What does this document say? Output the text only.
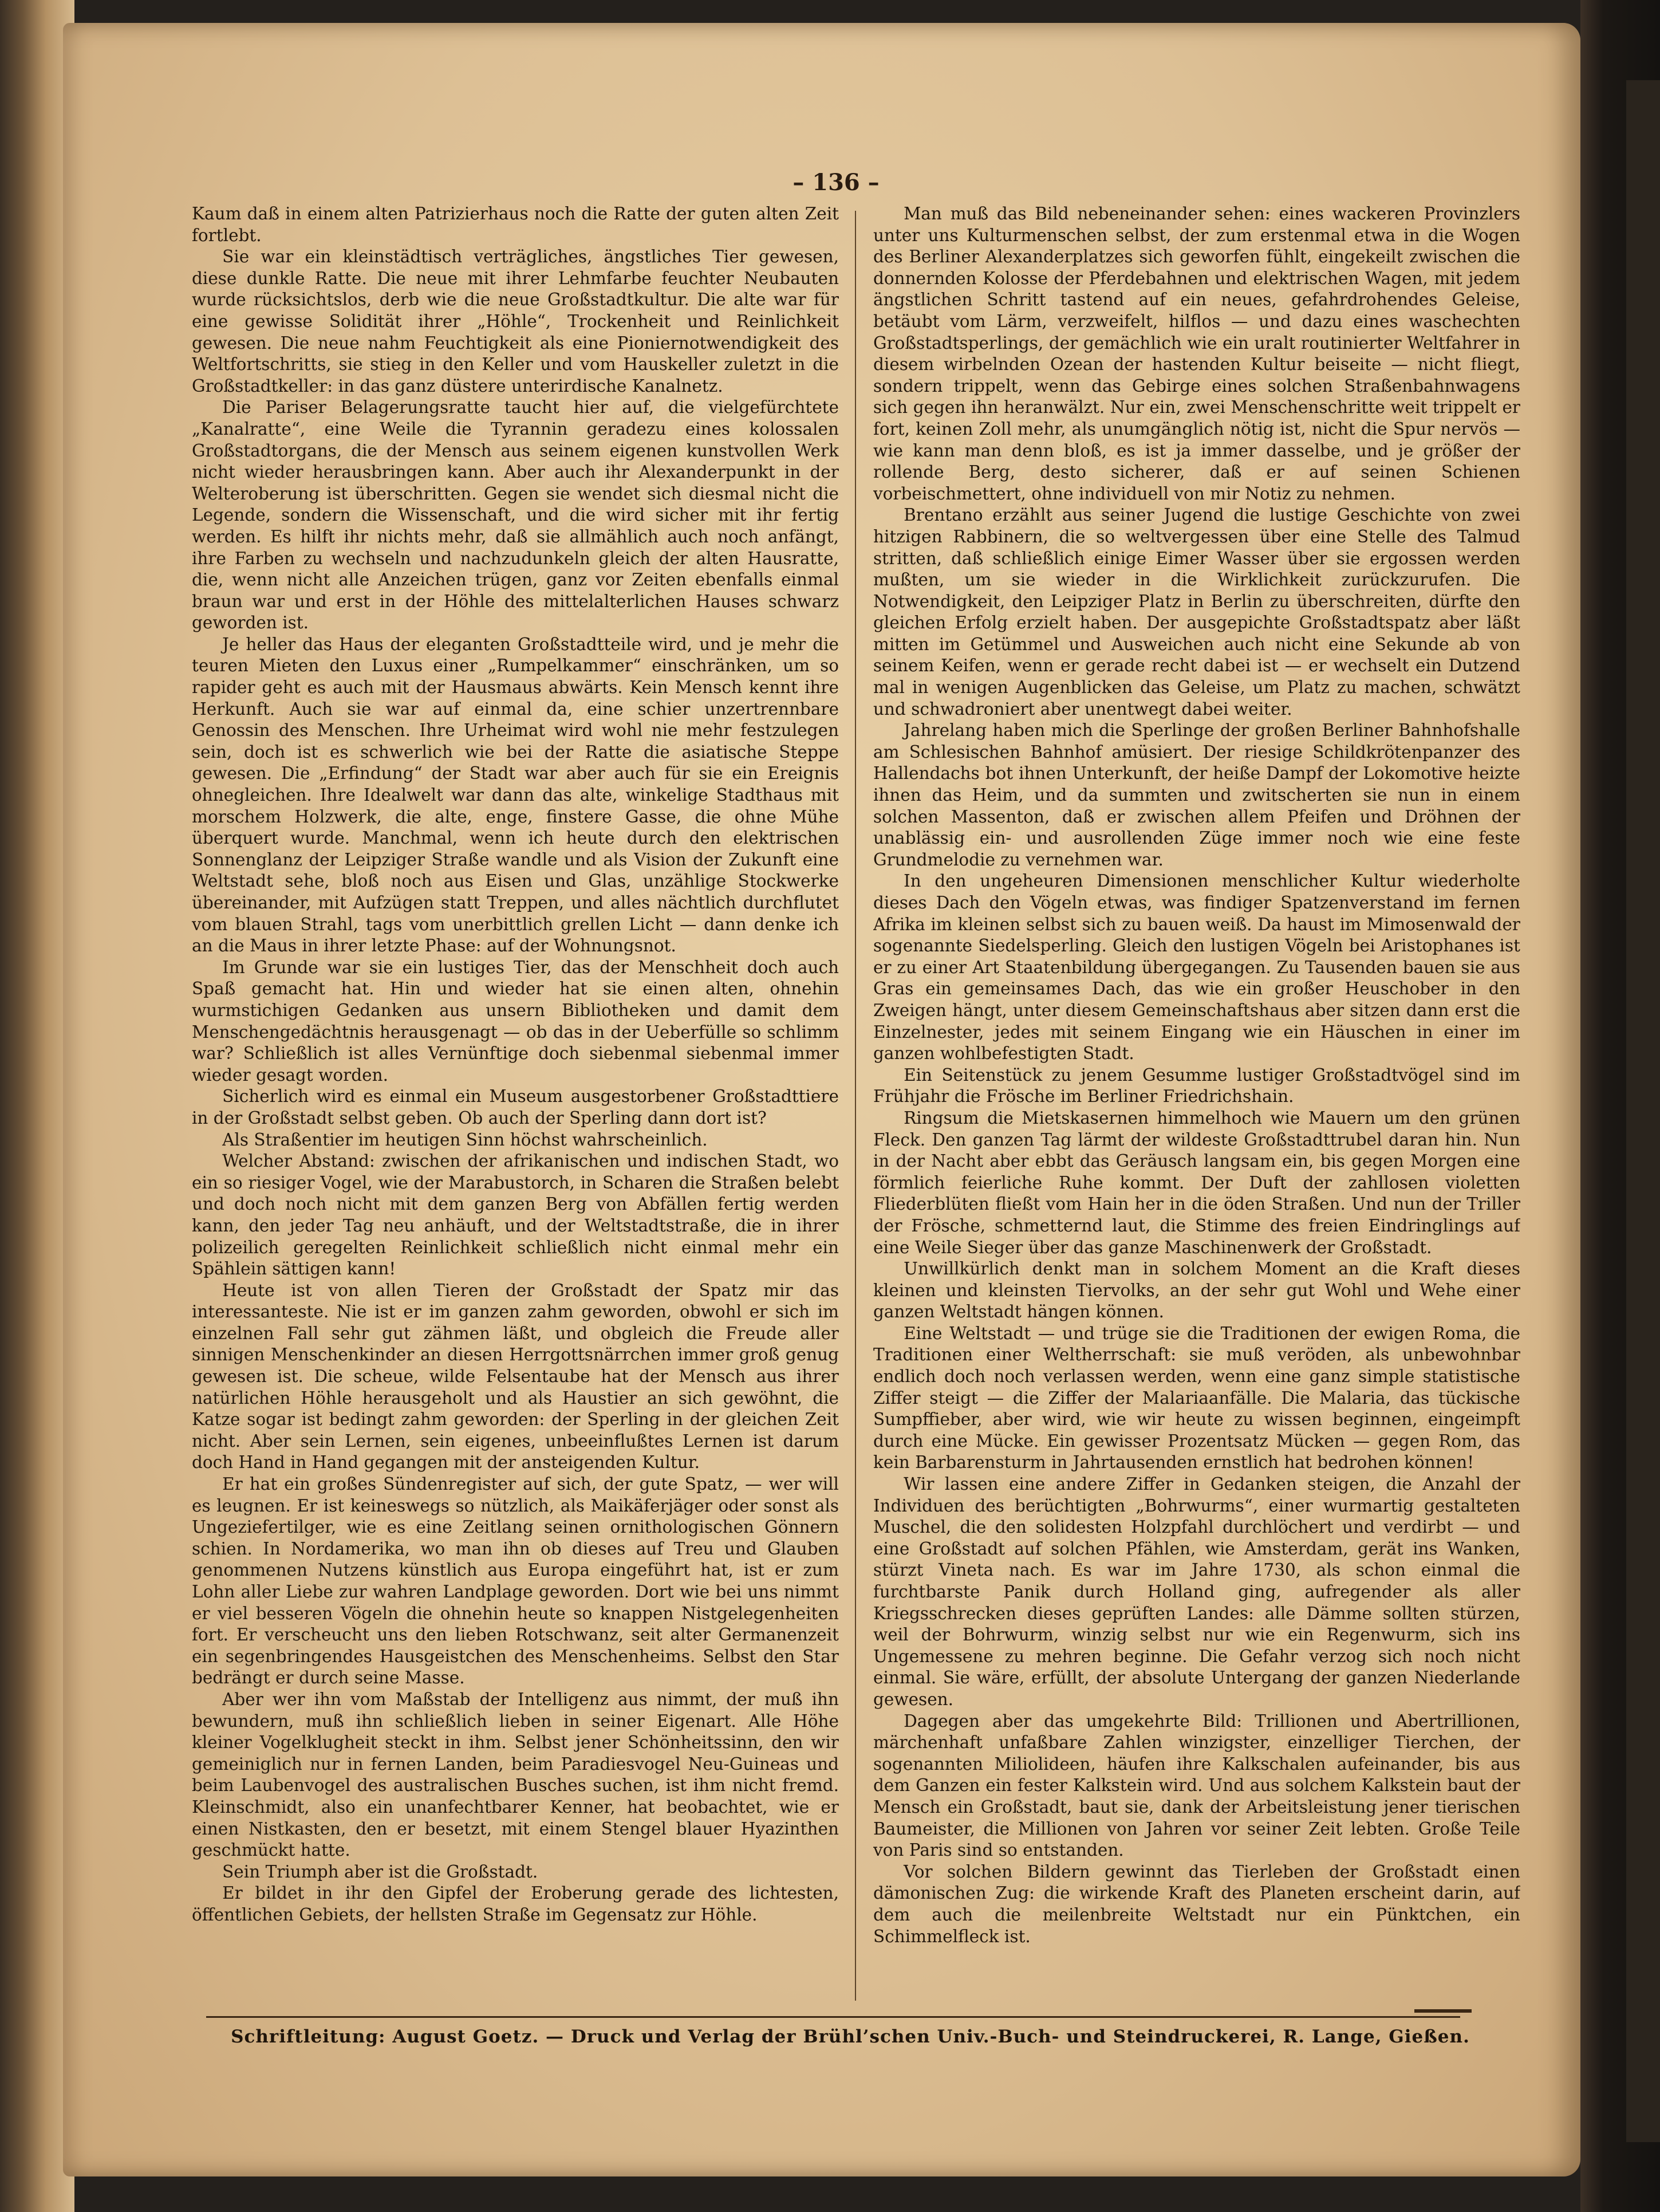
– 136 –

Kaum daß in einem alten Patrizierhaus noch die Ratte der guten alten Zeit fortlebt.

Sie war ein kleinstädtisch verträgliches, ängstliches Tier gewesen, diese dunkle Ratte. Die neue mit ihrer Lehmfarbe feuchter Neubauten wurde rücksichtslos, derb wie die neue Großstadtkultur. Die alte war für eine gewisse Solidität ihrer „Höhle“, Trockenheit und Reinlichkeit gewesen. Die neue nahm Feuchtigkeit als eine Pioniernotwendigkeit des Weltfortschritts, sie stieg in den Keller und vom Hauskeller zuletzt in die Großstadtkeller: in das ganz düstere unterirdische Kanalnetz.

Die Pariser Belagerungsratte taucht hier auf, die vielgefürchtete „Kanalratte“, eine Weile die Tyrannin geradezu eines kolossalen Großstadtorgans, die der Mensch aus seinem eigenen kunstvollen Werk nicht wieder herausbringen kann. Aber auch ihr Alexanderpunkt in der Welteroberung ist überschritten. Gegen sie wendet sich diesmal nicht die Legende, sondern die Wissenschaft, und die wird sicher mit ihr fertig werden. Es hilft ihr nichts mehr, daß sie allmählich auch noch anfängt, ihre Farben zu wechseln und nachzudunkeln gleich der alten Hausratte, die, wenn nicht alle Anzeichen trügen, ganz vor Zeiten ebenfalls einmal braun war und erst in der Höhle des mittelalterlichen Hauses schwarz geworden ist.

Je heller das Haus der eleganten Großstadtteile wird, und je mehr die teuren Mieten den Luxus einer „Rumpelkammer“ einschränken, um so rapider geht es auch mit der Hausmaus abwärts. Kein Mensch kennt ihre Herkunft. Auch sie war auf einmal da, eine schier unzertrennbare Genossin des Menschen. Ihre Urheimat wird wohl nie mehr festzulegen sein, doch ist es schwerlich wie bei der Ratte die asiatische Steppe gewesen. Die „Erfindung“ der Stadt war aber auch für sie ein Ereignis ohnegleichen. Ihre Idealwelt war dann das alte, winkelige Stadthaus mit morschem Holzwerk, die alte, enge, finstere Gasse, die ohne Mühe überquert wurde. Manchmal, wenn ich heute durch den elektrischen Sonnenglanz der Leipziger Straße wandle und als Vision der Zukunft eine Weltstadt sehe, bloß noch aus Eisen und Glas, unzählige Stockwerke übereinander, mit Aufzügen statt Treppen, und alles nächtlich durchflutet vom blauen Strahl, tags vom unerbittlich grellen Licht — dann denke ich an die Maus in ihrer letzte Phase: auf der Wohnungsnot.

Im Grunde war sie ein lustiges Tier, das der Menschheit doch auch Spaß gemacht hat. Hin und wieder hat sie einen alten, ohnehin wurmstichigen Gedanken aus unsern Bibliotheken und damit dem Menschengedächtnis herausgenagt — ob das in der Ueberfülle so schlimm war? Schließlich ist alles Vernünftige doch siebenmal siebenmal immer wieder gesagt worden.

Sicherlich wird es einmal ein Museum ausgestorbener Großstadttiere in der Großstadt selbst geben. Ob auch der Sperling dann dort ist?

Als Straßentier im heutigen Sinn höchst wahrscheinlich.

Welcher Abstand: zwischen der afrikanischen und indischen Stadt, wo ein so riesiger Vogel, wie der Marabustorch, in Scharen die Straßen belebt und doch noch nicht mit dem ganzen Berg von Abfällen fertig werden kann, den jeder Tag neu anhäuft, und der Weltstadtstraße, die in ihrer polizeilich geregelten Reinlichkeit schließlich nicht einmal mehr ein Spählein sättigen kann!

Heute ist von allen Tieren der Großstadt der Spatz mir das interessanteste. Nie ist er im ganzen zahm geworden, obwohl er sich im einzelnen Fall sehr gut zähmen läßt, und obgleich die Freude aller sinnigen Menschenkinder an diesen Herrgottsnärrchen immer groß genug gewesen ist. Die scheue, wilde Felsentaube hat der Mensch aus ihrer natürlichen Höhle herausgeholt und als Haustier an sich gewöhnt, die Katze sogar ist bedingt zahm geworden: der Sperling in der gleichen Zeit nicht. Aber sein Lernen, sein eigenes, unbeeinflußtes Lernen ist darum doch Hand in Hand gegangen mit der ansteigenden Kultur.

Er hat ein großes Sündenregister auf sich, der gute Spatz, — wer will es leugnen. Er ist keineswegs so nützlich, als Maikäferjäger oder sonst als Ungeziefertilger, wie es eine Zeitlang seinen ornithologischen Gönnern schien. In Nordamerika, wo man ihn ob dieses auf Treu und Glauben genommenen Nutzens künstlich aus Europa eingeführt hat, ist er zum Lohn aller Liebe zur wahren Landplage geworden. Dort wie bei uns nimmt er viel besseren Vögeln die ohnehin heute so knappen Nistgelegenheiten fort. Er verscheucht uns den lieben Rotschwanz, seit alter Germanenzeit ein segenbringendes Hausgeistchen des Menschenheims. Selbst den Star bedrängt er durch seine Masse.

Aber wer ihn vom Maßstab der Intelligenz aus nimmt, der muß ihn bewundern, muß ihn schließlich lieben in seiner Eigenart. Alle Höhe kleiner Vogelklugheit steckt in ihm. Selbst jener Schönheitssinn, den wir gemeiniglich nur in fernen Landen, beim Paradiesvogel Neu-Guineas und beim Laubenvogel des australischen Busches suchen, ist ihm nicht fremd. Kleinschmidt, also ein unanfechtbarer Kenner, hat beobachtet, wie er einen Nistkasten, den er besetzt, mit einem Stengel blauer Hyazinthen geschmückt hatte.

Sein Triumph aber ist die Großstadt.

Er bildet in ihr den Gipfel der Eroberung gerade des lichtesten, öffentlichen Gebiets, der hellsten Straße im Gegensatz zur Höhle.

Man muß das Bild nebeneinander sehen: eines wackeren Provinzlers unter uns Kulturmenschen selbst, der zum erstenmal etwa in die Wogen des Berliner Alexanderplatzes sich geworfen fühlt, eingekeilt zwischen die donnernden Kolosse der Pferdebahnen und elektrischen Wagen, mit jedem ängstlichen Schritt tastend auf ein neues, gefahrdrohendes Geleise, betäubt vom Lärm, verzweifelt, hilflos — und dazu eines waschechten Großstadtsperlings, der gemächlich wie ein uralt routinierter Weltfahrer in diesem wirbelnden Ozean der hastenden Kultur beiseite — nicht fliegt, sondern trippelt, wenn das Gebirge eines solchen Straßenbahnwagens sich gegen ihn heranwälzt. Nur ein, zwei Menschenschritte weit trippelt er fort, keinen Zoll mehr, als unumgänglich nötig ist, nicht die Spur nervös — wie kann man denn bloß, es ist ja immer dasselbe, und je größer der rollende Berg, desto sicherer, daß er auf seinen Schienen vorbeischmettert, ohne individuell von mir Notiz zu nehmen.

Brentano erzählt aus seiner Jugend die lustige Geschichte von zwei hitzigen Rabbinern, die so weltvergessen über eine Stelle des Talmud stritten, daß schließlich einige Eimer Wasser über sie ergossen werden mußten, um sie wieder in die Wirklichkeit zurückzurufen. Die Notwendigkeit, den Leipziger Platz in Berlin zu überschreiten, dürfte den gleichen Erfolg erzielt haben. Der ausgepichte Großstadtspatz aber läßt mitten im Getümmel und Ausweichen auch nicht eine Sekunde ab von seinem Keifen, wenn er gerade recht dabei ist — er wechselt ein Dutzend mal in wenigen Augenblicken das Geleise, um Platz zu machen, schwätzt und schwadroniert aber unentwegt dabei weiter.

Jahrelang haben mich die Sperlinge der großen Berliner Bahnhofshalle am Schlesischen Bahnhof amüsiert. Der riesige Schildkrötenpanzer des Hallendachs bot ihnen Unterkunft, der heiße Dampf der Lokomotive heizte ihnen das Heim, und da summten und zwitscherten sie nun in einem solchen Massenton, daß er zwischen allem Pfeifen und Dröhnen der unablässig ein- und ausrollenden Züge immer noch wie eine feste Grundmelodie zu vernehmen war.

In den ungeheuren Dimensionen menschlicher Kultur wiederholte dieses Dach den Vögeln etwas, was findiger Spatzenverstand im fernen Afrika im kleinen selbst sich zu bauen weiß. Da haust im Mimosenwald der sogenannte Siedelsperling. Gleich den lustigen Vögeln bei Aristophanes ist er zu einer Art Staatenbildung übergegangen. Zu Tausenden bauen sie aus Gras ein gemeinsames Dach, das wie ein großer Heuschober in den Zweigen hängt, unter diesem Gemeinschaftshaus aber sitzen dann erst die Einzelnester, jedes mit seinem Eingang wie ein Häuschen in einer im ganzen wohlbefestigten Stadt.

Ein Seitenstück zu jenem Gesumme lustiger Großstadtvögel sind im Frühjahr die Frösche im Berliner Friedrichshain.

Ringsum die Mietskasernen himmelhoch wie Mauern um den grünen Fleck. Den ganzen Tag lärmt der wildeste Großstadttrubel daran hin. Nun in der Nacht aber ebbt das Geräusch langsam ein, bis gegen Morgen eine förmlich feierliche Ruhe kommt. Der Duft der zahllosen violetten Fliederblüten fließt vom Hain her in die öden Straßen. Und nun der Triller der Frösche, schmetternd laut, die Stimme des freien Eindringlings auf eine Weile Sieger über das ganze Maschinenwerk der Großstadt.

Unwillkürlich denkt man in solchem Moment an die Kraft dieses kleinen und kleinsten Tiervolks, an der sehr gut Wohl und Wehe einer ganzen Weltstadt hängen können.

Eine Weltstadt — und trüge sie die Traditionen der ewigen Roma, die Traditionen einer Weltherrschaft: sie muß veröden, als unbewohnbar endlich doch noch verlassen werden, wenn eine ganz simple statistische Ziffer steigt — die Ziffer der Malariaanfälle. Die Malaria, das tückische Sumpffieber, aber wird, wie wir heute zu wissen beginnen, eingeimpft durch eine Mücke. Ein gewisser Prozentsatz Mücken — gegen Rom, das kein Barbarensturm in Jahrtausenden ernstlich hat bedrohen können!

Wir lassen eine andere Ziffer in Gedanken steigen, die Anzahl der Individuen des berüchtigten „Bohrwurms“, einer wurmartig gestalteten Muschel, die den solidesten Holzpfahl durchlöchert und verdirbt — und eine Großstadt auf solchen Pfählen, wie Amsterdam, gerät ins Wanken, stürzt Vineta nach. Es war im Jahre 1730, als schon einmal die furchtbarste Panik durch Holland ging, aufregender als aller Kriegsschrecken dieses geprüften Landes: alle Dämme sollten stürzen, weil der Bohrwurm, winzig selbst nur wie ein Regenwurm, sich ins Ungemessene zu mehren beginne. Die Gefahr verzog sich noch nicht einmal. Sie wäre, erfüllt, der absolute Untergang der ganzen Niederlande gewesen.

Dagegen aber das umgekehrte Bild: Trillionen und Abertrillionen, märchenhaft unfaßbare Zahlen winzigster, einzelliger Tierchen, der sogenannten Miliolideen, häufen ihre Kalkschalen aufeinander, bis aus dem Ganzen ein fester Kalkstein wird. Und aus solchem Kalkstein baut der Mensch ein Großstadt, baut sie, dank der Arbeitsleistung jener tierischen Baumeister, die Millionen von Jahren vor seiner Zeit lebten. Große Teile von Paris sind so entstanden.

Vor solchen Bildern gewinnt das Tierleben der Großstadt einen dämonischen Zug: die wirkende Kraft des Planeten erscheint darin, auf dem auch die meilenbreite Weltstadt nur ein Pünktchen, ein Schimmelfleck ist.

Schriftleitung: August Goetz. — Druck und Verlag der Brühl’schen Univ.-Buch- und Steindruckerei, R. Lange, Gießen.
